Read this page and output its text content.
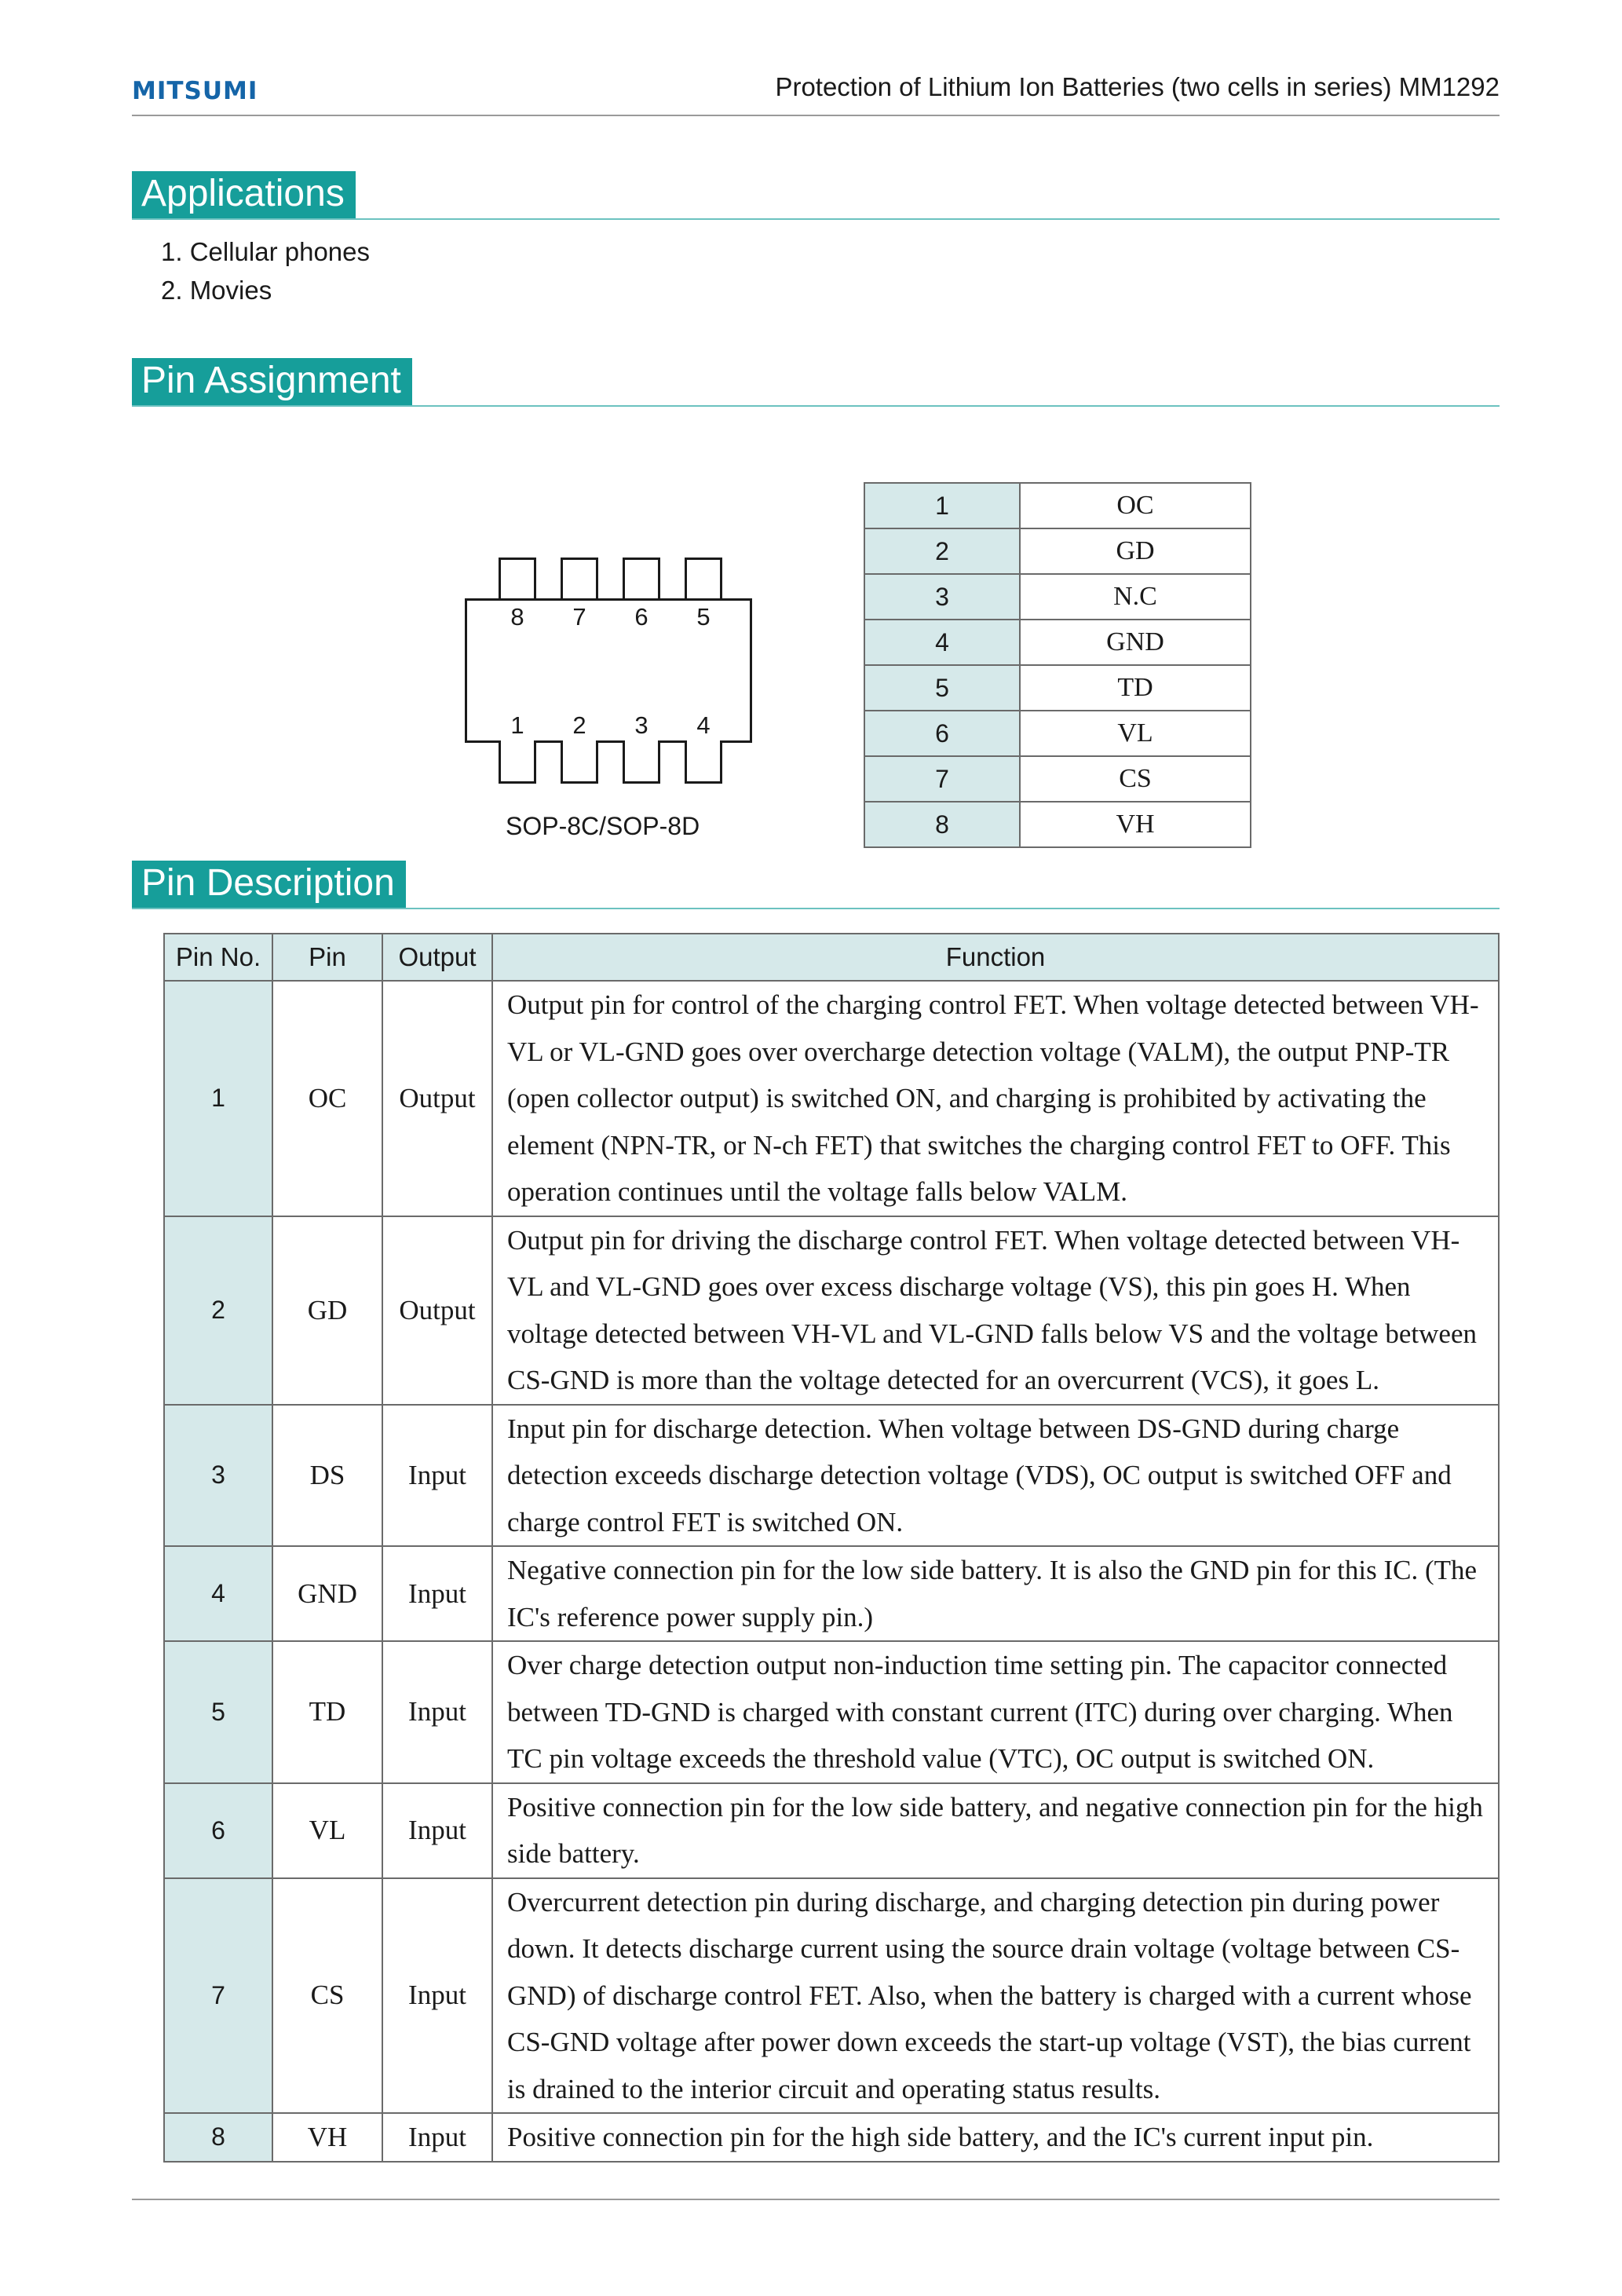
MITSUMI	Protection of Lithium Ion Batteries (two cells in series) MM1292
Applications
1. Cellular phones
2. Movies
Pin Assignment
8	7	6	5
1	2	3	4
SOP-8C/SOP-8D
1	OC
2	GD
3	N.C
4	GND
5	TD
6	VL
7	CS
8	VH
Pin Description
Pin No.	Pin	Output	Function
1	OC	Output	Output pin for control of the charging control FET. When voltage detected between VH-VL or VL-GND goes over overcharge detection voltage (VALM), the output PNP-TR (open collector output) is switched ON, and charging is prohibited by activating the element (NPN-TR, or N-ch FET) that switches the charging control FET to OFF. This operation continues until the voltage falls below VALM.
2	GD	Output	Output pin for driving the discharge control FET. When voltage detected between VH-VL and VL-GND goes over excess discharge voltage (VS), this pin goes H. When voltage detected between VH-VL and VL-GND falls below VS and the voltage between CS-GND is more than the voltage detected for an overcurrent (VCS), it goes L.
3	DS	Input	Input pin for discharge detection. When voltage between DS-GND during charge detection exceeds discharge detection voltage (VDS), OC output is switched OFF and charge control FET is switched ON.
4	GND	Input	Negative connection pin for the low side battery. It is also the GND pin for this IC. (The IC's reference power supply pin.)
5	TD	Input	Over charge detection output non-induction time setting pin. The capacitor connected between TD-GND is charged with constant current (ITC) during over charging. When TC pin voltage exceeds the threshold value (VTC), OC output is switched ON.
6	VL	Input	Positive connection pin for the low side battery, and negative connection pin for the high side battery.
7	CS	Input	Overcurrent detection pin during discharge, and charging detection pin during power down. It detects discharge current using the source drain voltage (voltage between CS-GND) of discharge control FET. Also, when the battery is charged with a current whose CS-GND voltage after power down exceeds the start-up voltage (VST), the bias current is drained to the interior circuit and operating status results.
8	VH	Input	Positive connection pin for the high side battery, and the IC's current input pin.
